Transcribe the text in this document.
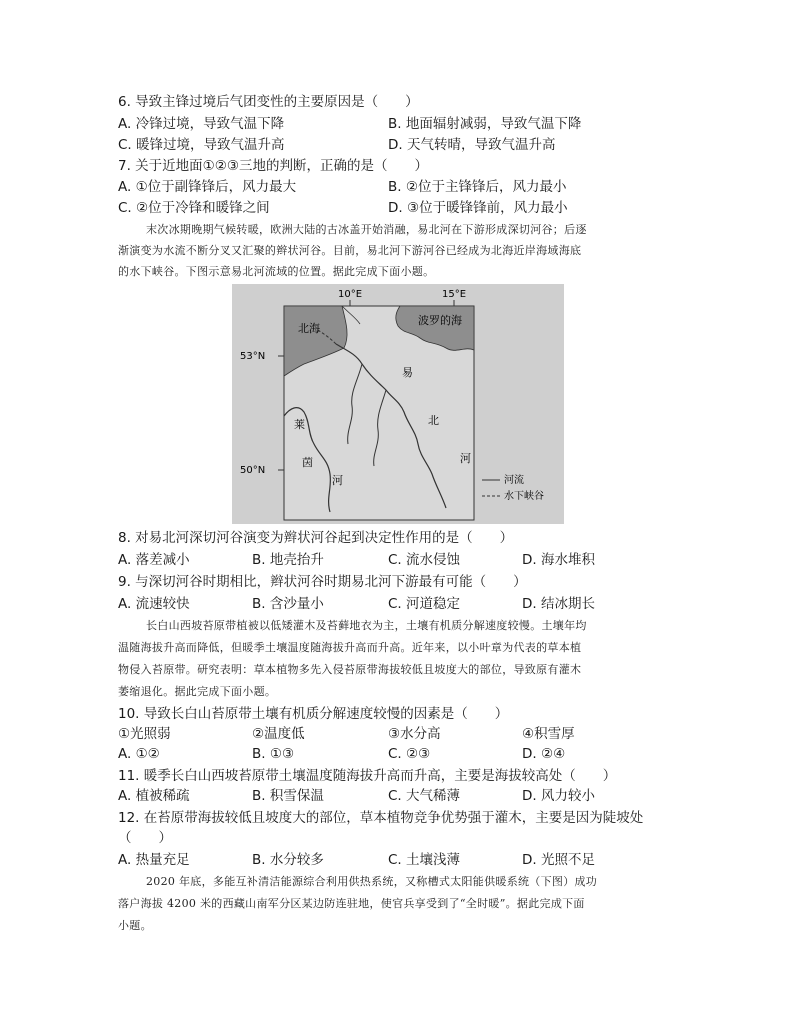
6. 导致主锋过境后气团变性的主要原因是（　　）
A. 冷锋过境，导致气温下降	B. 地面辐射减弱，导致气温下降
C. 暖锋过境，导致气温升高	D. 天气转晴，导致气温升高
7. 关于近地面①②③三地的判断，正确的是（　　）
A. ①位于副锋锋后，风力最大	B. ②位于主锋锋后，风力最小
C. ②位于冷锋和暖锋之间	D. ③位于暖锋锋前，风力最小
末次冰期晚期气候转暖，欧洲大陆的古冰盖开始消融，易北河在下游形成深切河谷；后逐
渐演变为水流不断分叉又汇聚的辫状河谷。目前，易北河下游河谷已经成为北海近岸海域海底
的水下峡谷。下图示意易北河流域的位置。据此完成下面小题。
10°E	15°E
53°N
50°N
北海
波罗的海
易
北
河
莱
茵
河	河流
水下峡谷
8. 对易北河深切河谷演变为辫状河谷起到决定性作用的是（　　）
A. 落差减小	B. 地壳抬升	C. 流水侵蚀	D. 海水堆积
9. 与深切河谷时期相比，辫状河谷时期易北河下游最有可能（　　）
A. 流速较快	B. 含沙量小	C. 河道稳定	D. 结冰期长
长白山西坡苔原带植被以低矮灌木及苔藓地衣为主，土壤有机质分解速度较慢。土壤年均
温随海拔升高而降低，但暖季土壤温度随海拔升高而升高。近年来，以小叶章为代表的草本植
物侵入苔原带。研究表明：草本植物多先入侵苔原带海拔较低且坡度大的部位，导致原有灌木
萎缩退化。据此完成下面小题。
10. 导致长白山苔原带土壤有机质分解速度较慢的因素是（　　）
①光照弱	②温度低	③水分高	④积雪厚
A. ①②	B. ①③	C. ②③	D. ②④
11. 暖季长白山西坡苔原带土壤温度随海拔升高而升高，主要是海拔较高处（　　）
A. 植被稀疏	B. 积雪保温	C. 大气稀薄	D. 风力较小
12. 在苔原带海拔较低且坡度大的部位，草本植物竞争优势强于灌木，主要是因为陡坡处
（　　）
A. 热量充足	B. 水分较多	C. 土壤浅薄	D. 光照不足
2020 年底，多能互补清洁能源综合利用供热系统，又称槽式太阳能供暖系统（下图）成功
落户海拔 4200 米的西藏山南军分区某边防连驻地，使官兵享受到了“全时暖”。据此完成下面
小题。
